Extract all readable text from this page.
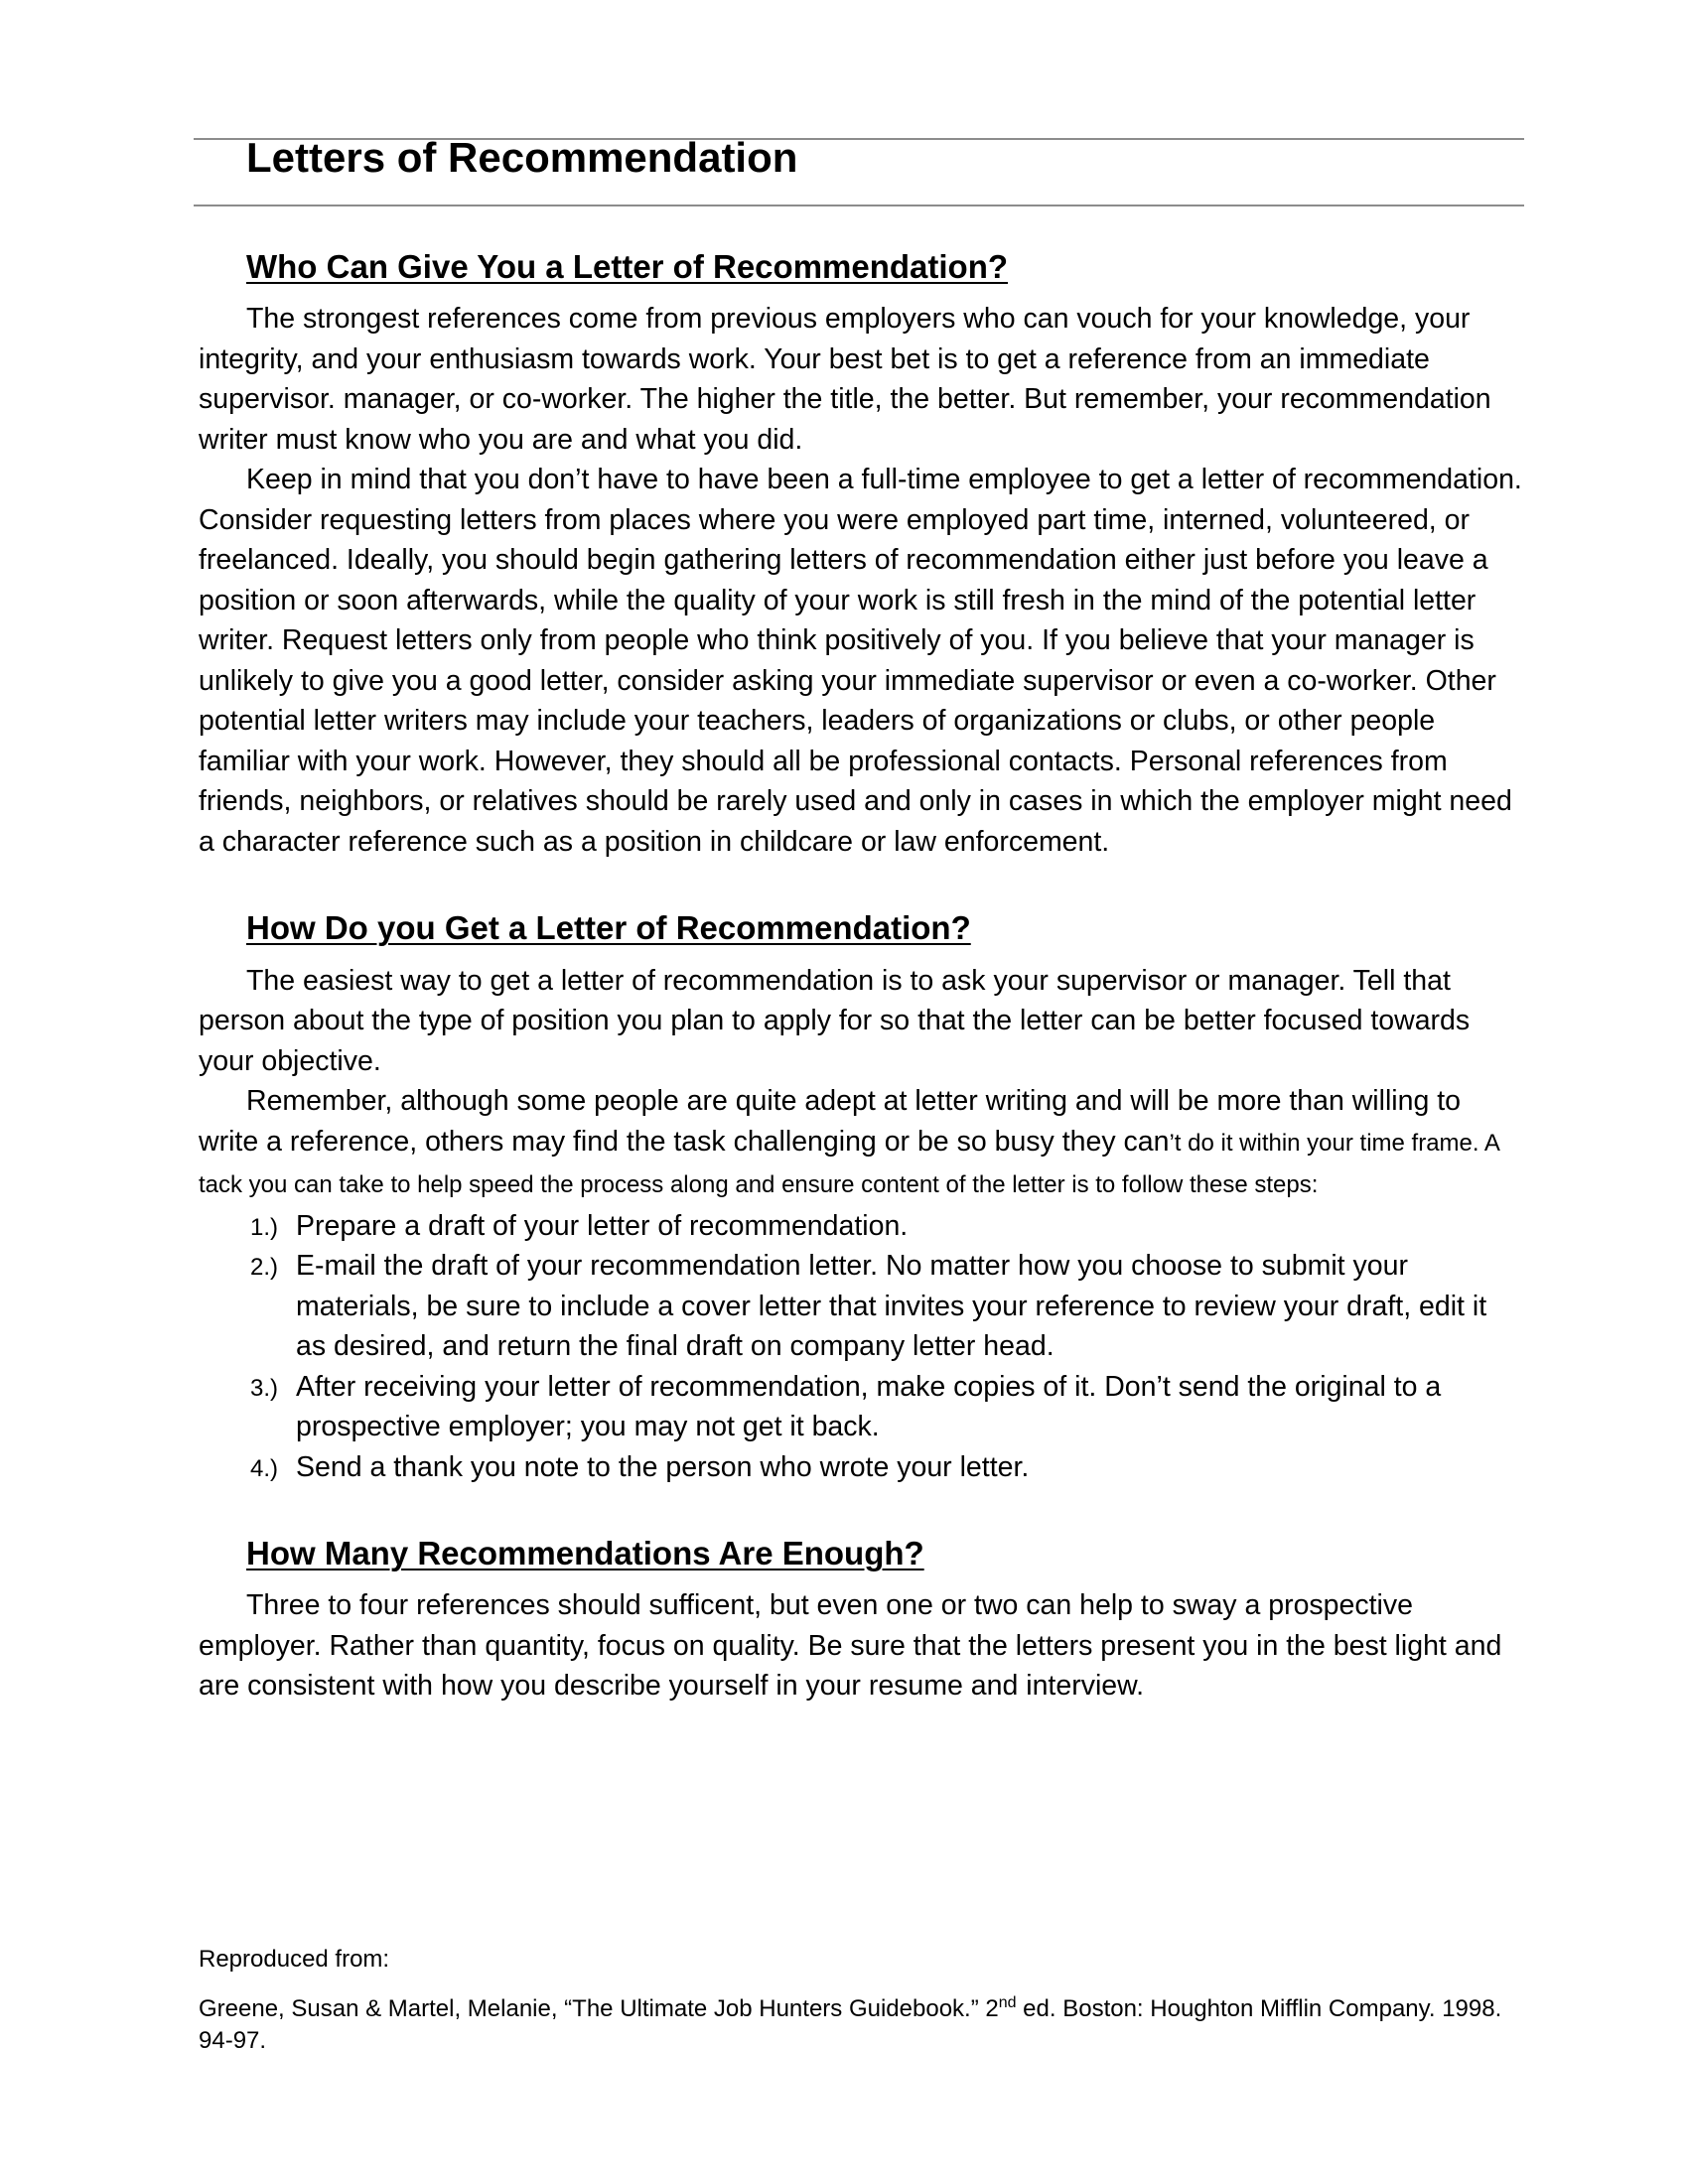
Letters of Recommendation
Who Can Give You a Letter of Recommendation?

The strongest references come from previous employers who can vouch for your knowledge, your integrity, and your enthusiasm towards work. Your best bet is to get a reference from an immediate supervisor. manager, or co-worker. The higher the title, the better. But remember, your recommendation writer must know who you are and what you did.

Keep in mind that you don’t have to have been a full-time employee to get a letter of recommendation. Consider requesting letters from places where you were employed part time, interned, volunteered, or freelanced. Ideally, you should begin gathering letters of recommendation either just before you leave a position or soon afterwards, while the quality of your work is still fresh in the mind of the potential letter writer. Request letters only from people who think positively of you. If you believe that your manager is unlikely to give you a good letter, consider asking your immediate supervisor or even a co-worker. Other potential letter writers may include your teachers, leaders of organizations or clubs, or other people familiar with your work. However, they should all be professional contacts. Personal references from friends, neighbors, or relatives should be rarely used and only in cases in which the employer might need a character reference such as a position in childcare or law enforcement.

How Do you Get a Letter of Recommendation?

The easiest way to get a letter of recommendation is to ask your supervisor or manager. Tell that person about the type of position you plan to apply for so that the letter can be better focused towards your objective.

Remember, although some people are quite adept at letter writing and will be more than willing to write a reference, others may find the task challenging or be so busy they can’t do it within your time frame. A tack you can take to help speed the process along and ensure content of the letter is to follow these steps:

1.) Prepare a draft of your letter of recommendation.
2.) E-mail the draft of your recommendation letter. No matter how you choose to submit your materials, be sure to include a cover letter that invites your reference to review your draft, edit it as desired, and return the final draft on company letter head.
3.) After receiving your letter of recommendation, make copies of it. Don’t send the original to a prospective employer; you may not get it back.
4.) Send a thank you note to the person who wrote your letter.
How Many Recommendations Are Enough?

Three to four references should sufficent, but even one or two can help to sway a prospective employer. Rather than quantity, focus on quality. Be sure that the letters present you in the best light and are consistent with how you describe yourself in your resume and interview.

Reproduced from:

Greene, Susan & Martel, Melanie, “The Ultimate Job Hunters Guidebook.” 2nd ed. Boston: Houghton Mifflin Company. 1998. 94-97.
